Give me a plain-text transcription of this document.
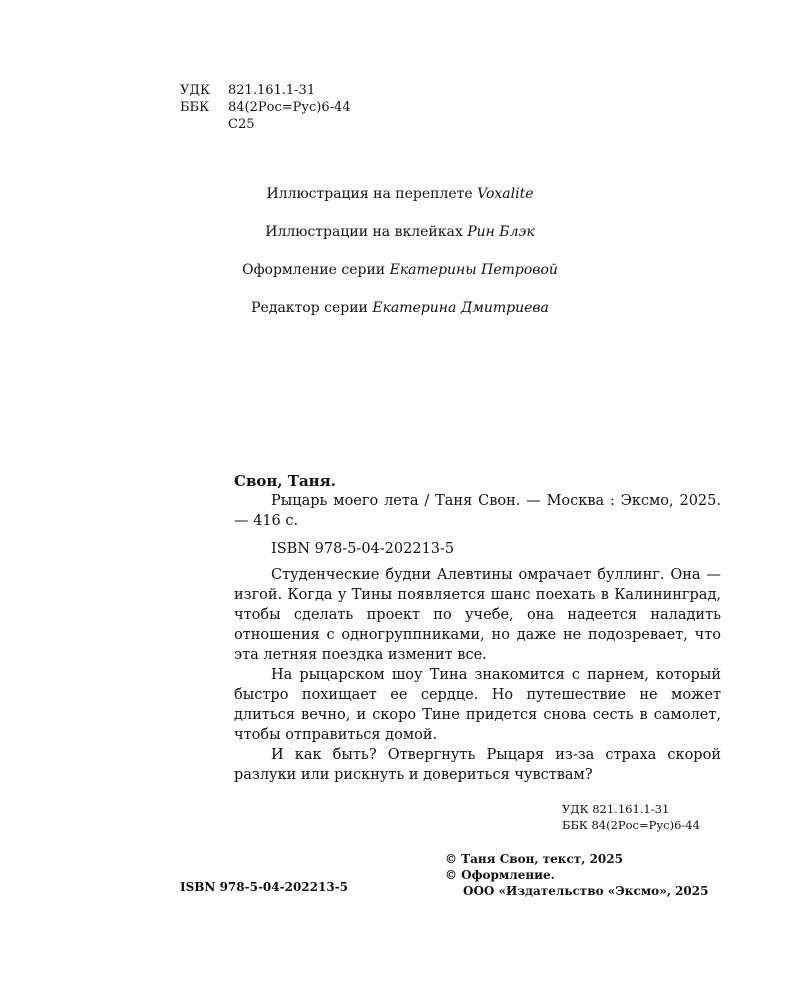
УДК	821.161.1-31
ББК	84(2Рос=Рус)6-44
С25
Иллюстрация на переплете Voxalite
Иллюстрации на вклейках Рин Блэк
Оформление серии Екатерины Петровой
Редактор серии Екатерина Дмитриева
Свон, Таня.
Рыцарь моего лета / Таня Свон. — Москва : Эксмо, 2025. — 416 с.
ISBN 978-5-04-202213-5

Студенческие будни Алевтины омрачает буллинг. Она — изгой. Когда у Тины появляется шанс поехать в Калининград, чтобы сделать проект по учебе, она надеется наладить отношения с одногруппниками, но даже не подозревает, что эта летняя поездка изменит все.

На рыцарском шоу Тина знакомится с парнем, который быстро похищает ее сердце. Но путешествие не может длиться вечно, и скоро Тине придется снова сесть в самолет, чтобы отправиться домой.

И как быть? Отвергнуть Рыцаря из-за страха скорой разлуки или рискнуть и довериться чувствам?

УДК 821.161.1-31
ББК 84(2Рос=Рус)6-44
ISBN 978-5-04-202213-5
© Таня Свон, текст, 2025
© Оформление.
ООО «Издательство «Эксмо», 2025
